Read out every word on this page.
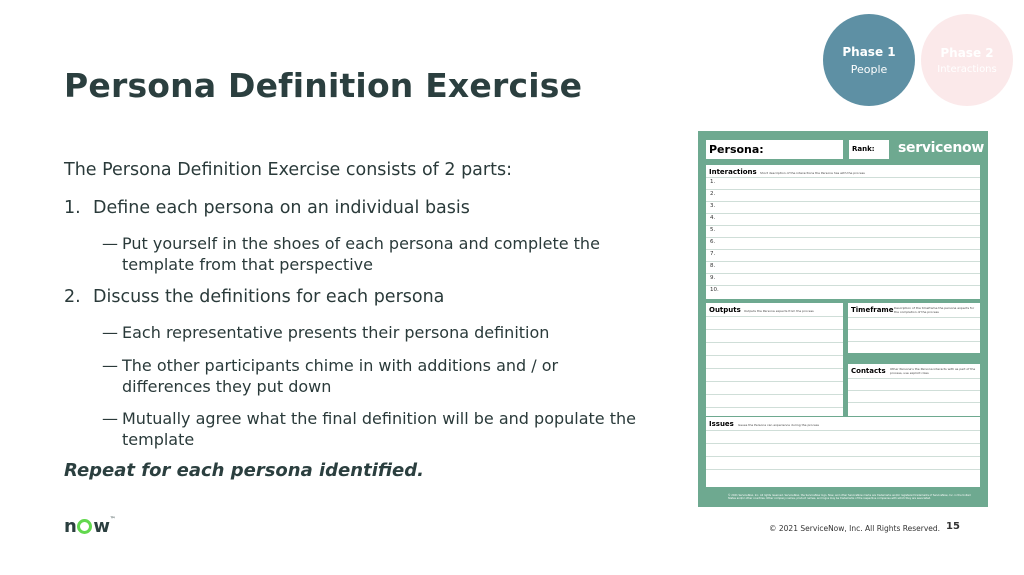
Persona Definition Exercise
Phase 1
People
Phase 2
Interactions
The Persona Definition Exercise consists of 2 parts:
1. Define each persona on an individual basis
— Put yourself in the shoes of each persona and complete the template from that perspective
2. Discuss the definitions for each persona
— Each representative presents their persona definition
— The other participants chime in with additions and / or differences they put down
— Mutually agree what the final definition will be and populate the template
Repeat for each persona identified.
Persona:	Rank: servicenow
Interactions Short description of the interactions the Persona has with the process
1.
2.
3.
4.
5.
6.
7.
8.
9.
10.
Outputs Outputs the Persona expects from the process	Timeframe Description of the timeframe the persona expects for the completion of the process
Contacts Other Persona's the Persona interacts with as part of the process, use explicit roles
Issues Issues the Persona can experience during the process
© 2021 ServiceNow, Inc. All rights reserved. ServiceNow, the ServiceNow logo, Now, and other ServiceNow marks are trademarks and/or registered trademarks of ServiceNow, Inc. in the United States and/or other countries. Other company names, product names, and logos may be trademarks of the respective companies with which they are associated.
n w™
© 2021 ServiceNow, Inc. All Rights Reserved. 15
